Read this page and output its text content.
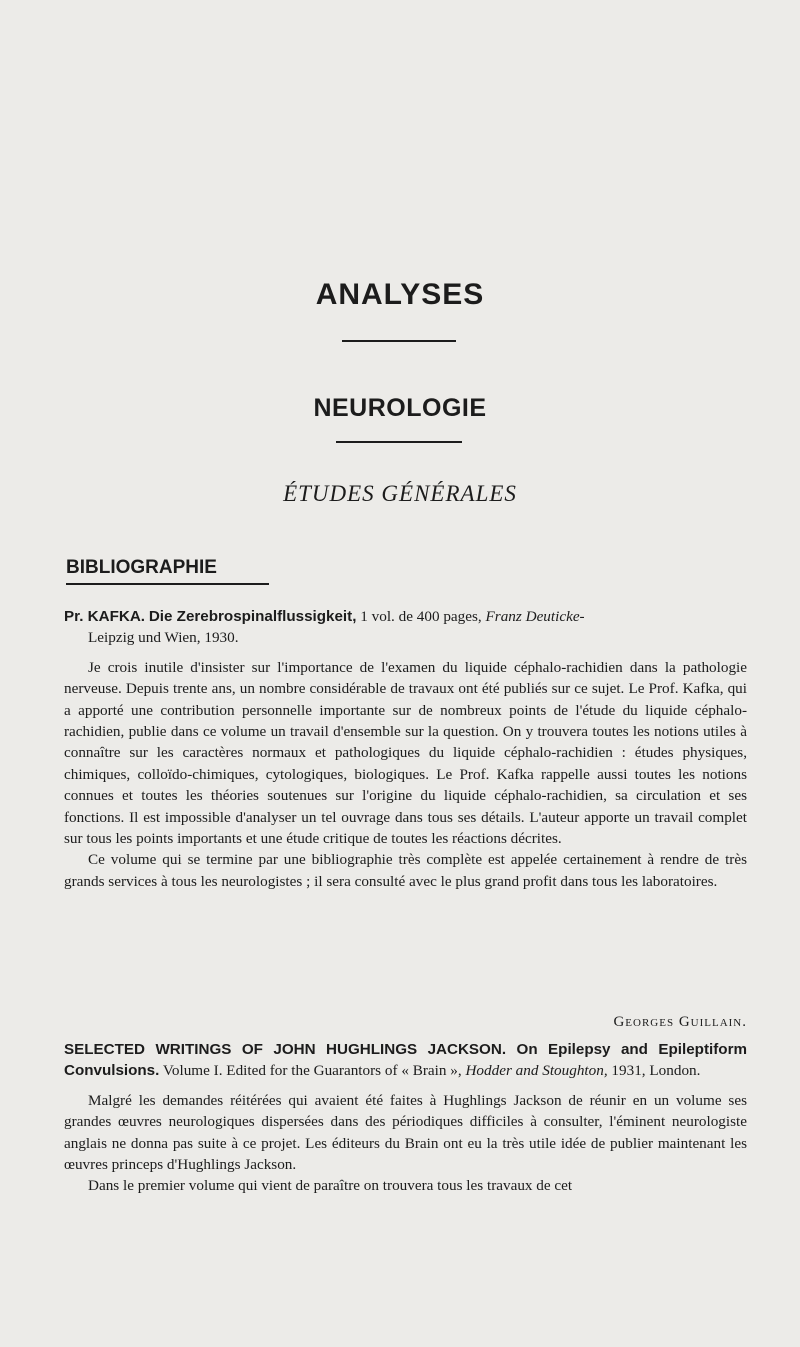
ANALYSES
NEUROLOGIE
ÉTUDES GÉNÉRALES
BIBLIOGRAPHIE

Pr. KAFKA. Die Zerebrospinalflussigkeit, 1 vol. de 400 pages, Franz Deuticke-
Leipzig und Wien, 1930.

Je crois inutile d'insister sur l'importance de l'examen du liquide céphalo-rachidien dans la pathologie nerveuse. Depuis trente ans, un nombre considérable de travaux ont été publiés sur ce sujet. Le Prof. Kafka, qui a apporté une contribution personnelle importante sur de nombreux points de l'étude du liquide céphalo-rachidien, publie dans ce volume un travail d'ensemble sur la question. On y trouvera toutes les notions utiles à connaître sur les caractères normaux et pathologiques du liquide céphalo-rachidien : études physiques, chimiques, colloïdo-chimiques, cytologiques, biologiques. Le Prof. Kafka rappelle aussi toutes les notions connues et toutes les théories soutenues sur l'origine du liquide céphalo-rachidien, sa circulation et ses fonctions. Il est impossible d'analyser un tel ouvrage dans tous ses détails. L'auteur apporte un travail complet sur tous les points importants et une étude critique de toutes les réactions décrites.

Ce volume qui se termine par une bibliographie très complète est appelée certainement à rendre de très grands services à tous les neurologistes ; il sera consulté avec le plus grand profit dans tous les laboratoires.

Georges Guillain.

SELECTED WRITINGS OF JOHN HUGHLINGS JACKSON. On Epilepsy and Epileptiform Convulsions. Volume I. Edited for the Guarantors of « Brain », Hodder and Stoughton, 1931, London.

Malgré les demandes réitérées qui avaient été faites à Hughlings Jackson de réunir en un volume ses grandes œuvres neurologiques dispersées dans des périodiques difficiles à consulter, l'éminent neurologiste anglais ne donna pas suite à ce projet. Les éditeurs du Brain ont eu la très utile idée de publier maintenant les œuvres princeps d'Hughlings Jackson.

Dans le premier volume qui vient de paraître on trouvera tous les travaux de cet
